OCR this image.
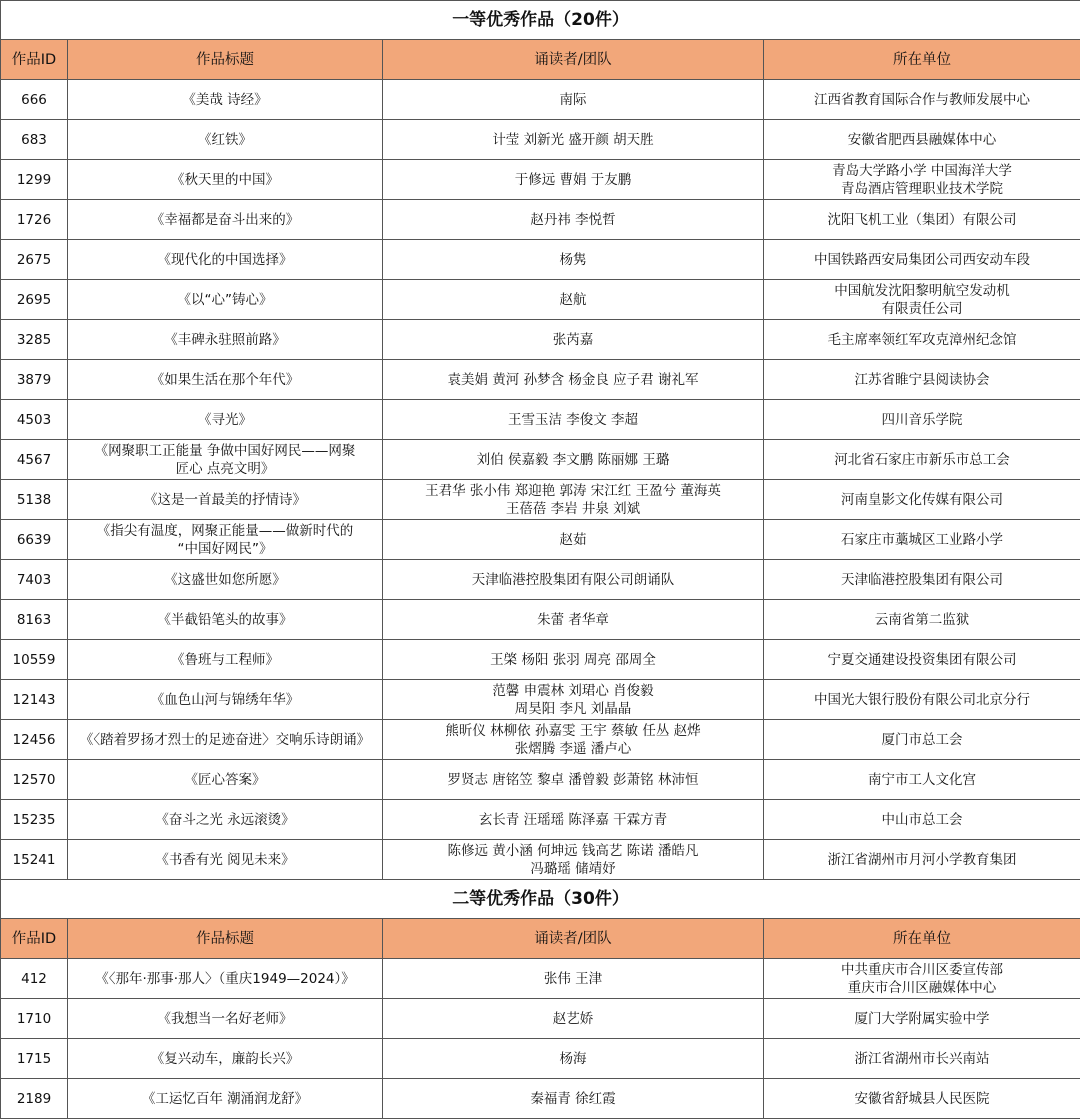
一等优秀作品（20件）			
作品ID	作品标题	诵读者/团队	所在单位
666	《美哉 诗经》	南际	江西省教育国际合作与教师发展中心

683	《红铁》	计莹 刘新光 盛开颜 胡天胜	安徽省肥西县融媒体中心

1299	《秋天里的中国》	于修远 曹娟 于友鹏	青岛大学路小学 中国海洋大学
青岛酒店管理职业技术学院

1726	《幸福都是奋斗出来的》	赵丹祎 李悦哲	沈阳飞机工业（集团）有限公司

2675	《现代化的中国选择》	杨隽	中国铁路西安局集团公司西安动车段

2695	《以“心”铸心》	赵航	中国航发沈阳黎明航空发动机
有限责任公司

3285	《丰碑永驻照前路》	张芮嘉	毛主席率领红军攻克漳州纪念馆

3879	《如果生活在那个年代》	袁美娟 黄河 孙梦含 杨金良 应子君 谢礼军	江苏省睢宁县阅读协会

4503	《寻光》	王雪玉洁 李俊文 李超	四川音乐学院

4567	《网聚职工正能量 争做中国好网民——网聚
匠心 点亮文明》	刘伯 侯嘉毅 李文鹏 陈丽娜 王璐	河北省石家庄市新乐市总工会

5138	《这是一首最美的抒情诗》	王君华 张小伟 郑迎艳 郭涛 宋江红 王盈兮 董海英
王蓓蓓 李岩 井泉 刘斌	河南皇影文化传媒有限公司

6639	《指尖有温度，网聚正能量——做新时代的
“中国好网民”》	赵茹	石家庄市藁城区工业路小学

7403	《这盛世如您所愿》	天津临港控股集团有限公司朗诵队	天津临港控股集团有限公司

8163	《半截铅笔头的故事》	朱蕾 者华章	云南省第二监狱

10559	《鲁班与工程师》	王棨 杨阳 张羽 周亮 邵周全	宁夏交通建设投资集团有限公司

12143	《血色山河与锦绣年华》	范馨 申震林 刘珺心 肖俊毅
周昊阳 李凡 刘晶晶	中国光大银行股份有限公司北京分行

12456	《〈踏着罗扬才烈士的足迹奋进〉交响乐诗朗诵》	熊昕仪 林柳依 孙嘉雯 王宇 蔡敏 任丛 赵烨
张熠腾 李遥 潘卢心	厦门市总工会

12570	《匠心答案》	罗贤志 唐铭笠 黎卓 潘曾毅 彭萧铭 林沛恒	南宁市工人文化宫

15235	《奋斗之光 永远滚烫》	玄长青 汪瑶瑶 陈泽嘉 干霖方青	中山市总工会

15241	《书香有光 阅见未来》	陈修远 黄小涵 何坤远 钱高艺 陈诺 潘皓凡
冯璐瑶 储靖妤	浙江省湖州市月河小学教育集团

二等优秀作品（30件）			
作品ID	作品标题	诵读者/团队	所在单位
412	《〈那年·那事·那人〉（重庆1949—2024）》	张伟 王津	中共重庆市合川区委宣传部
重庆市合川区融媒体中心

1710	《我想当一名好老师》	赵艺娇	厦门大学附属实验中学

1715	《复兴动车，廉韵长兴》	杨海	浙江省湖州市长兴南站

2189	《工运忆百年 潮涌润龙舒》	秦福青 徐红霞	安徽省舒城县人民医院
